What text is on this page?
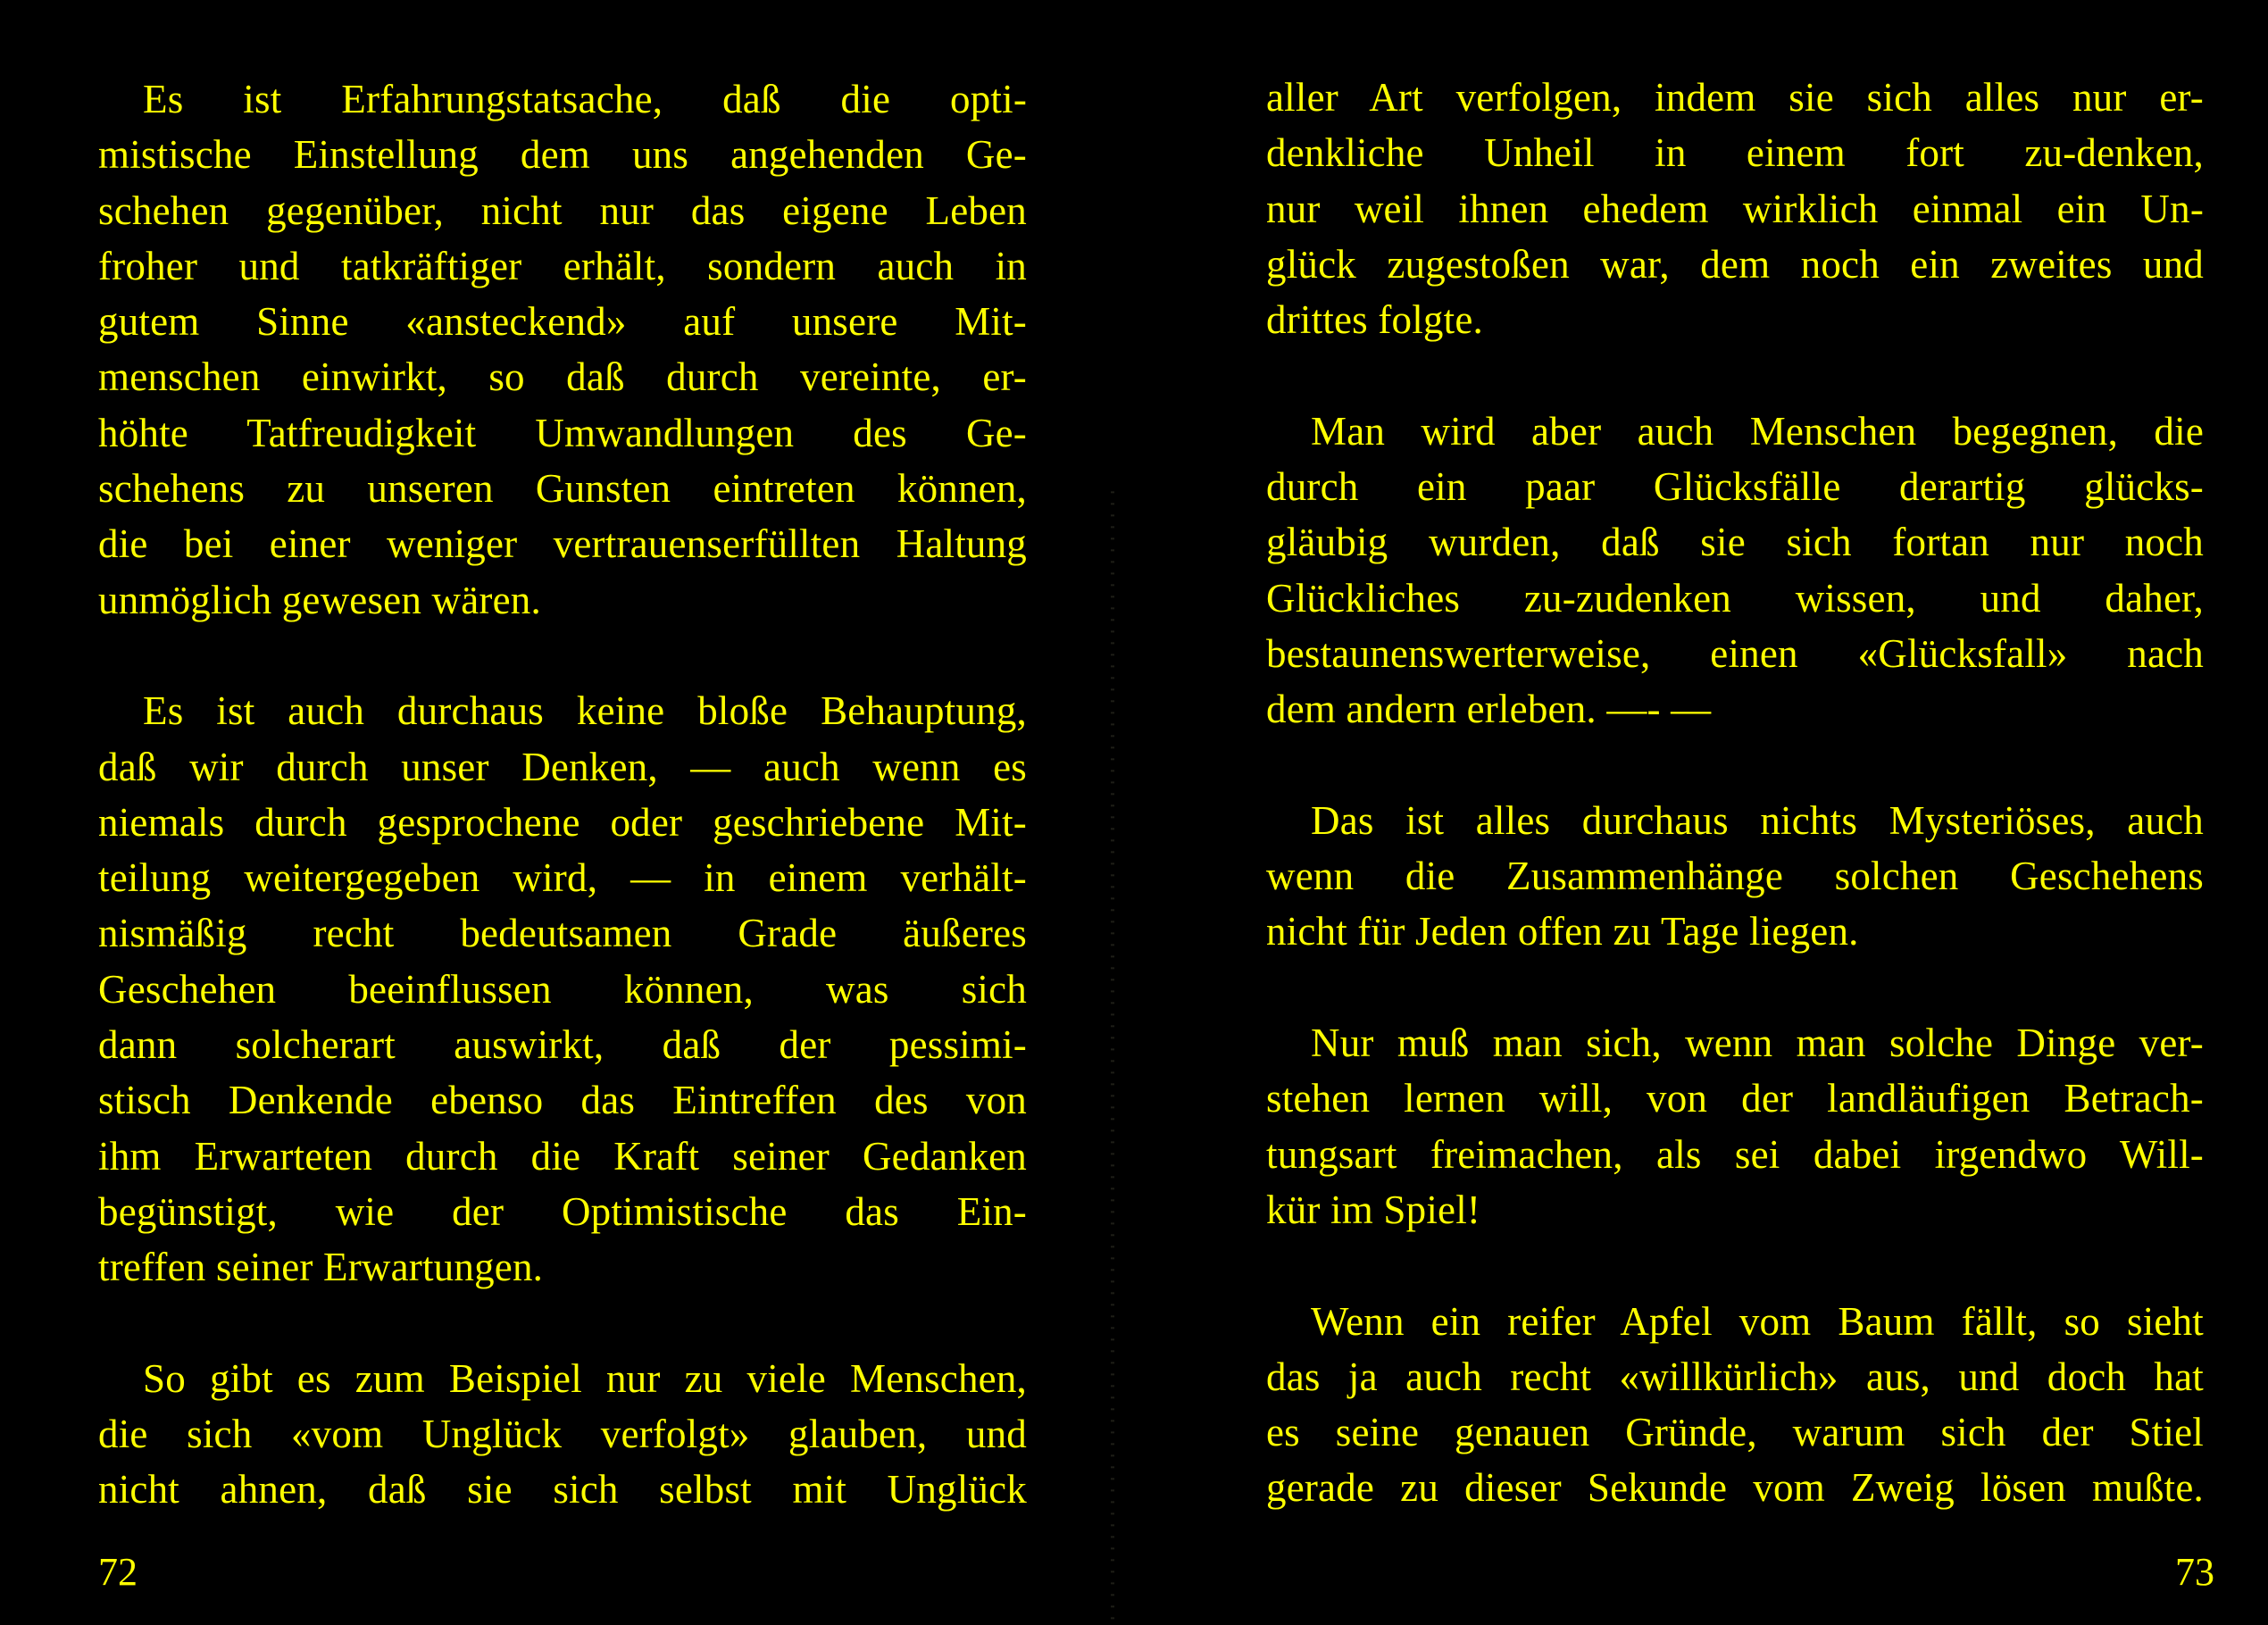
Es ist Erfahrungstatsache, daß die opti-
mistische Einstellung dem uns angehenden Ge-
schehen gegenüber, nicht nur das eigene Leben
froher und tatkräftiger erhält, sondern auch in
gutem Sinne «ansteckend» auf unsere Mit-
menschen einwirkt, so daß durch vereinte, er-
höhte Tatfreudigkeit Umwandlungen des Ge-
schehens zu unseren Gunsten eintreten können,
die bei einer weniger vertrauenserfüllten Haltung
unmöglich gewesen wären.
Es ist auch durchaus keine bloße Behauptung,
daß wir durch unser Denken, — auch wenn es
niemals durch gesprochene oder geschriebene Mit-
teilung weitergegeben wird, — in einem verhält-
nismäßig recht bedeutsamen Grade äußeres
Geschehen beeinflussen können, was sich
dann solcherart auswirkt, daß der pessimi-
stisch Denkende ebenso das Eintreffen des von
ihm Erwarteten durch die Kraft seiner Gedanken
begünstigt, wie der Optimistische das Ein-
treffen seiner Erwartungen.
So gibt es zum Beispiel nur zu viele Menschen,
die sich «vom Unglück verfolgt» glauben, und
nicht ahnen, daß sie sich selbst mit Unglück
72
aller Art verfolgen, indem sie sich alles nur er-
denkliche Unheil in einem fort zu-denken,
nur weil ihnen ehedem wirklich einmal ein Un-
glück zugestoßen war, dem noch ein zweites und
drittes folgte.
Man wird aber auch Menschen begegnen, die
durch ein paar Glücksfälle derartig glücks-
gläubig wurden, daß sie sich fortan nur noch
Glückliches zu-zudenken wissen, und daher,
bestaunenswerterweise, einen «Glücksfall» nach
dem andern erleben. —- —
Das ist alles durchaus nichts Mysteriöses, auch
wenn die Zusammenhänge solchen Geschehens
nicht für Jeden offen zu Tage liegen.
Nur muß man sich, wenn man solche Dinge ver-
stehen lernen will, von der landläufigen Betrach-
tungsart freimachen, als sei dabei irgendwo Will-
kür im Spiel!
Wenn ein reifer Apfel vom Baum fällt, so sieht
das ja auch recht «willkürlich» aus, und doch hat
es seine genauen Gründe, warum sich der Stiel
gerade zu dieser Sekunde vom Zweig lösen mußte.
73
